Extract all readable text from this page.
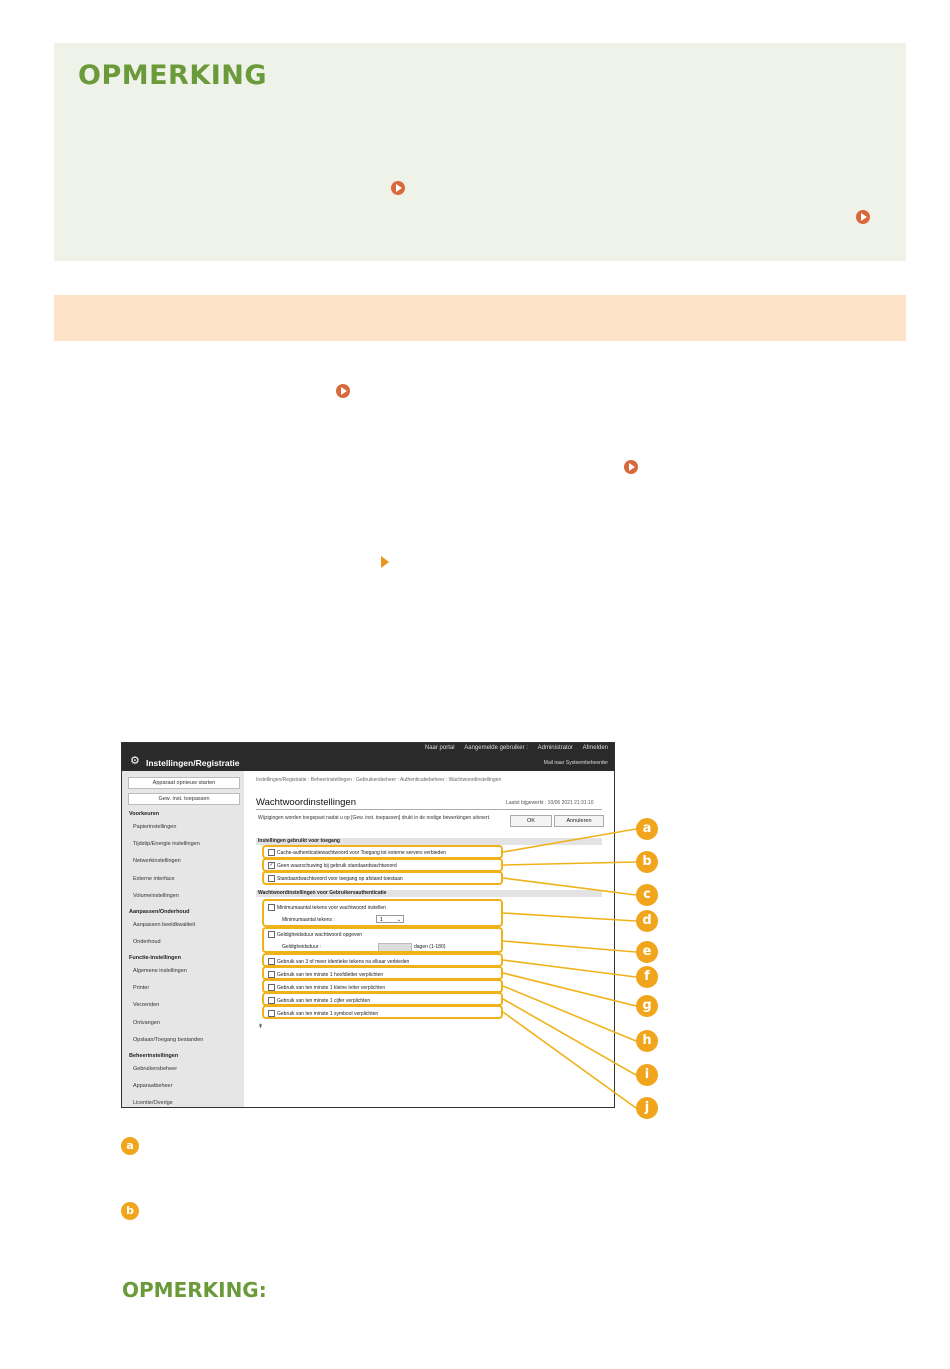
OPMERKING
⚙ Instellingen/Registratie
Naar portal Aangemelde gebruiker : Administrator Afmelden
Mail naar Systeembeheerder
Apparaat opnieuw starten
Gew. inst. toepassen
Voorkeuren
Papierinstellingen
Tijdstip/Energie instellingen
Netwerkinstellingen
Externe interface
Volumeinstellingen
Aanpassen/Onderhoud
Aanpassen beeldkwaliteit
Onderhoud
Functie-instellingen
Algemene instellingen
Printer
Verzenden
Ontvangen
Opslaan/Toegang bestanden
Beheerinstellingen
Gebruikersbeheer
Apparaatbeheer
Licentie/Overige
Instellingen/Registratie : Beheerinstellingen : Gebruikersbeheer : Authenticatiebeheer : Wachtwoordinstellingen
Wachtwoordinstellingen	Laatst bijgewerkt : 10/06 2021 21:31:10
Wijzigingen worden toegepast nadat u op [Gew. inst. toepassen] drukt in de nodige bewerkingen uitvoert.	OK	Annuleren
Instellingen gebruikt voor toegang
Cache-authenticatiewachtwoord voor Toegang tot externe servers verbieden
✓ Geen waarschuwing bij gebruik standaardwachtwoord
Standaardwachtwoord voor toegang op afstand toestaan
Wachtwoordinstellingen voor Gebruikersauthenticatie
Minimumaantal tekens voor wachtwoord instellen
Minimumaantal tekens :	1	⌄
Geldigheidsduur wachtwoord opgeven
Geldigheidsduur :	dagen (1-180)
Gebruik van 3 of meer identieke tekens na elkaar verbieden
Gebruik van ten minste 1 hoofdletter verplichten
Gebruik van ten minste 1 kleine letter verplichten
Gebruik van ten minste 1 cijfer verplichten
Gebruik van ten minste 1 symbool verplichten
⇞
a
b
c
d
e
f
g
h
i
j
a
b
OPMERKING:
